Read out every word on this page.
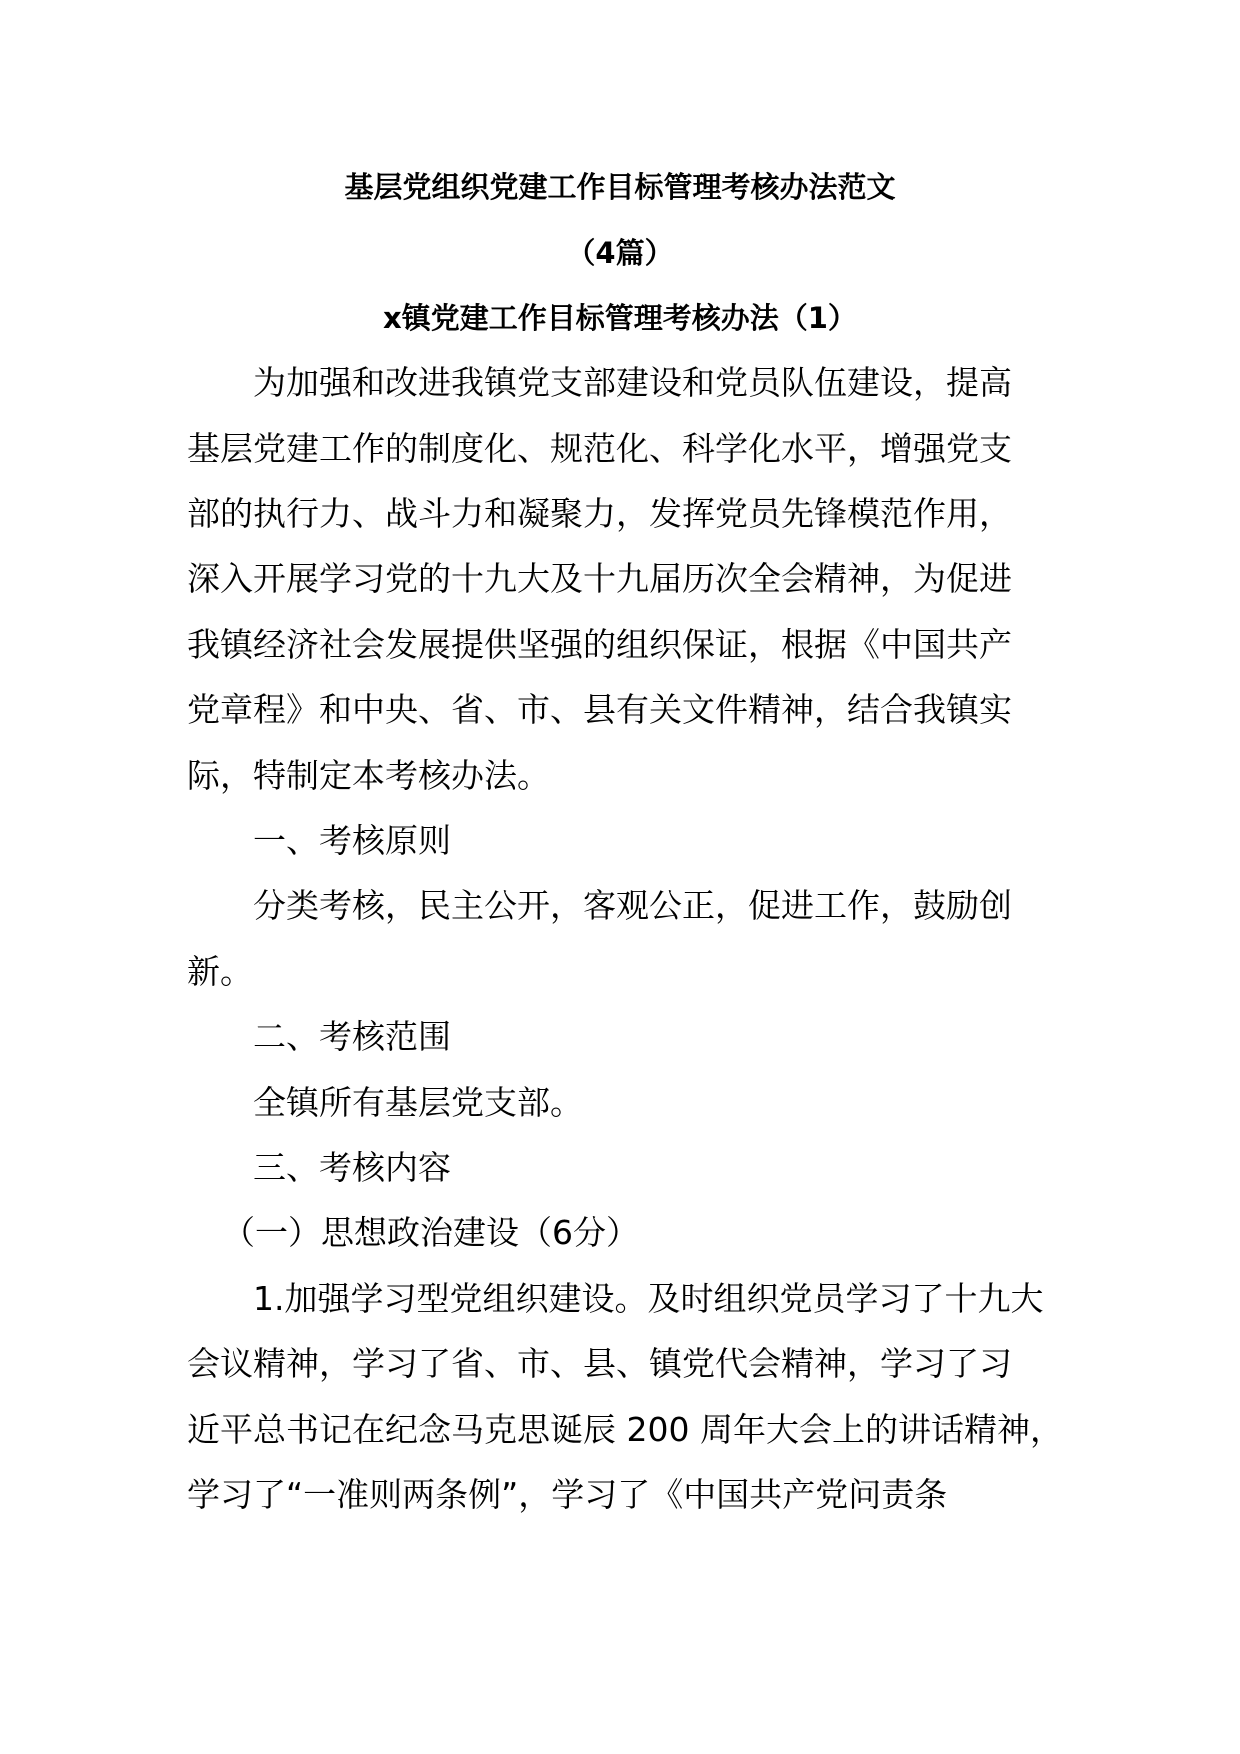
基层党组织党建工作目标管理考核办法范文
（4篇）
x镇党建工作目标管理考核办法（1）
为加强和改进我镇党支部建设和党员队伍建设，提高
基层党建工作的制度化、规范化、科学化水平，增强党支
部的执行力、战斗力和凝聚力，发挥党员先锋模范作用，
深入开展学习党的十九大及十九届历次全会精神，为促进
我镇经济社会发展提供坚强的组织保证，根据《中国共产
党章程》和中央、省、市、县有关文件精神，结合我镇实
际，特制定本考核办法。
一、考核原则
分类考核，民主公开，客观公正，促进工作，鼓励创
新。
二、考核范围
全镇所有基层党支部。
三、考核内容
（一）思想政治建设（6分）
1.加强学习型党组织建设。及时组织党员学习了十九大
会议精神，学习了省、市、县、镇党代会精神，学习了习
近平总书记在纪念马克思诞辰 200 周年大会上的讲话精神，
学习了“一准则两条例”，学习了《中国共产党问责条
